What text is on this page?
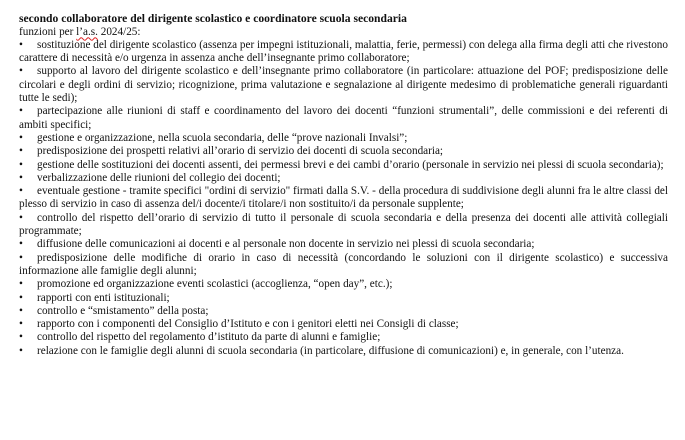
secondo collaboratore del dirigente scolastico e coordinatore scuola secondaria

funzioni per l’a.s. 2024/25:

• sostituzione del dirigente scolastico (assenza per impegni istituzionali, malattia, ferie, permessi) con delega alla firma degli atti che rivestono carattere di necessità e/o urgenza in assenza anche dell’insegnante primo collaboratore;
• supporto al lavoro del dirigente scolastico e dell’insegnante primo collaboratore (in particolare: attuazione del POF; predisposizione delle circolari e degli ordini di servizio; ricognizione, prima valutazione e segnalazione al dirigente medesimo di problematiche generali riguardanti tutte le sedi);
• partecipazione alle riunioni di staff e coordinamento del lavoro dei docenti “funzioni strumentali”, delle commissioni e dei referenti di ambiti specifici;
• gestione e organizzazione, nella scuola secondaria, delle “prove nazionali Invalsi”;
• predisposizione dei prospetti relativi all’orario di servizio dei docenti di scuola secondaria;
• gestione delle sostituzioni dei docenti assenti, dei permessi brevi e dei cambi d’orario (personale in servizio nei plessi di scuola secondaria);
• verbalizzazione delle riunioni del collegio dei docenti;
• eventuale gestione - tramite specifici "ordini di servizio" firmati dalla S.V. - della procedura di suddivisione degli alunni fra le altre classi del plesso di servizio in caso di assenza del/i docente/i titolare/i non sostituito/i da personale supplente;
• controllo del rispetto dell’orario di servizio di tutto il personale di scuola secondaria e della presenza dei docenti alle attività collegiali programmate;
• diffusione delle comunicazioni ai docenti e al personale non docente in servizio nei plessi di scuola secondaria;
• predisposizione delle modifiche di orario in caso di necessità (concordando le soluzioni con il dirigente scolastico) e successiva informazione alle famiglie degli alunni;
• promozione ed organizzazione eventi scolastici (accoglienza, “open day”, etc.);
• rapporti con enti istituzionali;
• controllo e “smistamento” della posta;
• rapporto con i componenti del Consiglio d’Istituto e con i genitori eletti nei Consigli di classe;
• controllo del rispetto del regolamento d’istituto da parte di alunni e famiglie;
• relazione con le famiglie degli alunni di scuola secondaria (in particolare, diffusione di comunicazioni) e, in generale, con l’utenza.
